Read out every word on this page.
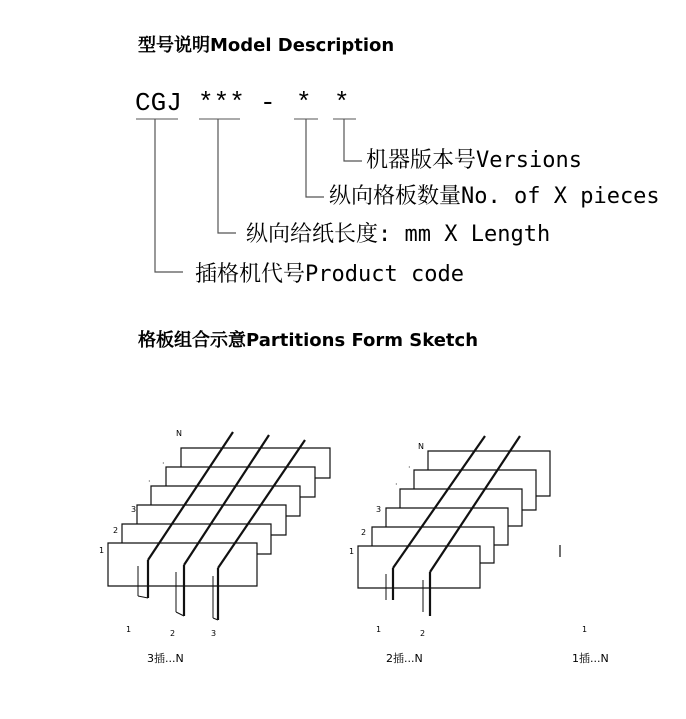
型号说明Model Description
格板组合示意Partitions Form Sketch
CGJ *** - * *
机器版本号Versions
纵向格板数量No. of X pieces
纵向给纸长度: mm X Length
插格机代号Product code
N
·
·
3
2
1
N
·
·
3
2
1
1	2	3	1	2	1
3插...N	2插...N	1插...N
